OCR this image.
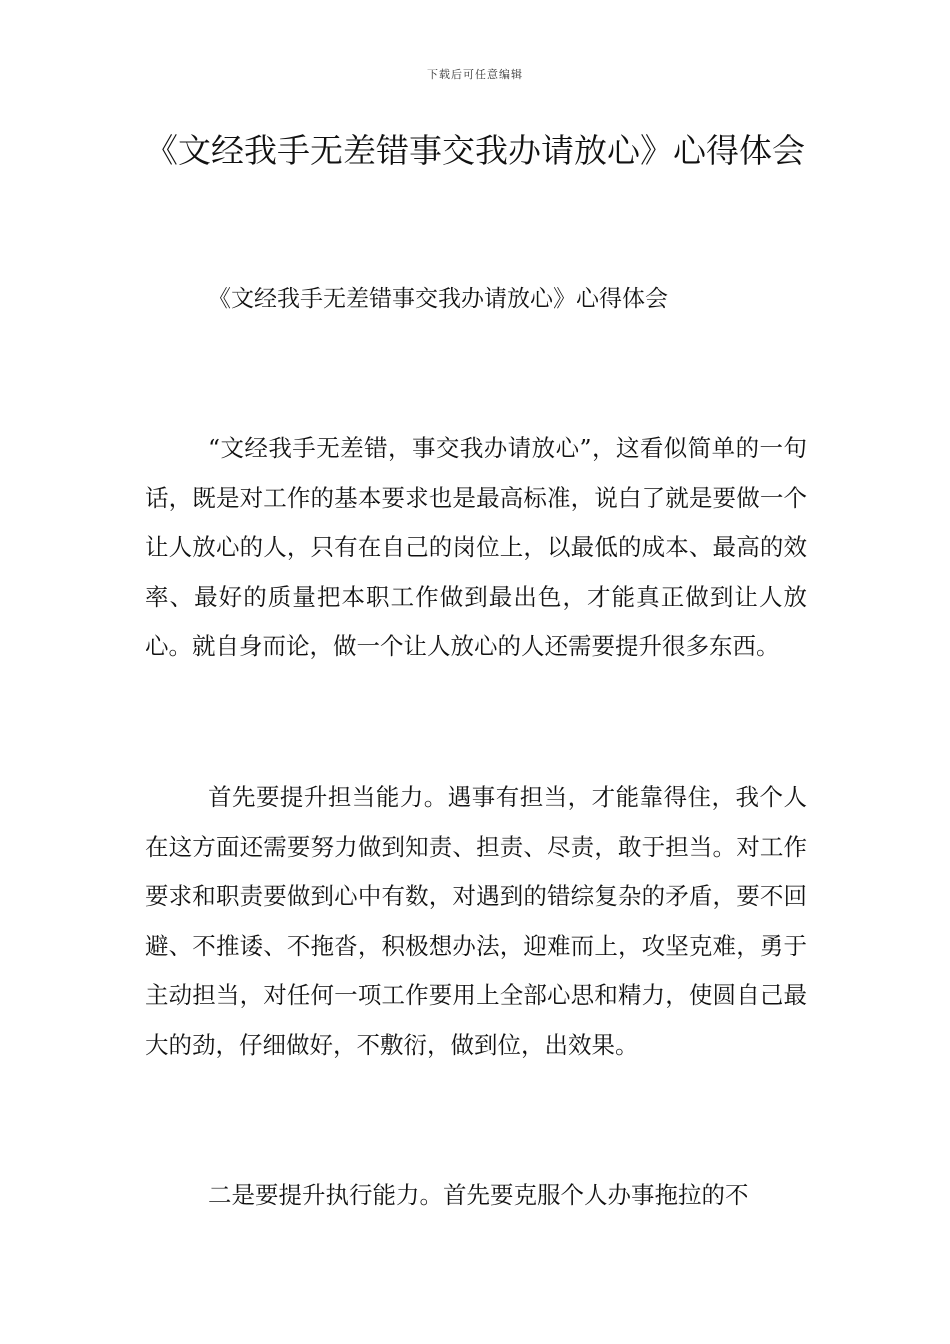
下载后可任意编辑
《文经我手无差错事交我办请放心》心得体会
《文经我手无差错事交我办请放心》心得体会

“文经我手无差错，事交我办请放心”，这看似简单的一句话，既是对工作的基本要求也是最高标准，说白了就是要做一个让人放心的人，只有在自己的岗位上，以最低的成本、最高的效率、最好的质量把本职工作做到最出色，才能真正做到让人放心。就自身而论，做一个让人放心的人还需要提升很多东西。

首先要提升担当能力。遇事有担当，才能靠得住，我个人在这方面还需要努力做到知责、担责、尽责，敢于担当。对工作要求和职责要做到心中有数，对遇到的错综复杂的矛盾，要不回避、不推诿、不拖沓，积极想办法，迎难而上，攻坚克难，勇于主动担当，对任何一项工作要用上全部心思和精力，使圆自己最大的劲，仔细做好，不敷衍，做到位，出效果。

二是要提升执行能力。首先要克服个人办事拖拉的不
